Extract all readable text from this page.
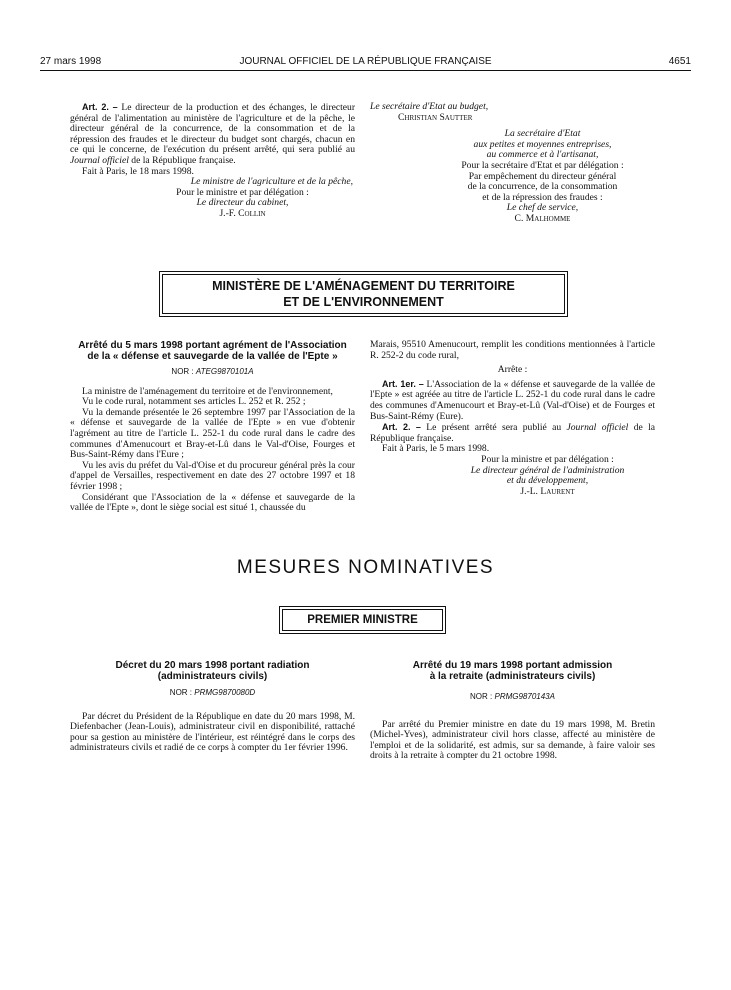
27 mars 1998	JOURNAL OFFICIEL DE LA RÉPUBLIQUE FRANÇAISE	4651

Art. 2. – Le directeur de la production et des échanges, le directeur général de l'alimentation au ministère de l'agriculture et de la pêche, le directeur général de la concurrence, de la consommation et de la répression des fraudes et le directeur du budget sont chargés, chacun en ce qui le concerne, de l'exécution du présent arrêté, qui sera publié au Journal officiel de la République française.

Fait à Paris, le 18 mars 1998.

Le ministre de l'agriculture et de la pêche,

Pour le ministre et par délégation :

Le directeur du cabinet,

J.-F. Collin

Le secrétaire d'Etat au budget,

Christian Sautter

La secrétaire d'Etat

aux petites et moyennes entreprises,

au commerce et à l'artisanat,

Pour la secrétaire d'Etat et par délégation :

Par empêchement du directeur général

de la concurrence, de la consommation

et de la répression des fraudes :

Le chef de service,

C. Malhomme

MINISTÈRE DE L'AMÉNAGEMENT DU TERRITOIRE
ET DE L'ENVIRONNEMENT
Arrêté du 5 mars 1998 portant agrément de l'Association
de la « défense et sauvegarde de la vallée de l'Epte »
NOR : ATEG9870101A

La ministre de l'aménagement du territoire et de l'environnement,

Vu le code rural, notamment ses articles L. 252 et R. 252 ;

Vu la demande présentée le 26 septembre 1997 par l'Association de la « défense et sauvegarde de la vallée de l'Epte » en vue d'obtenir l'agrément au titre de l'article L. 252-1 du code rural dans le cadre des communes d'Amenucourt et Bray-et-Lû dans le Val-d'Oise, Fourges et Bus-Saint-Rémy dans l'Eure ;

Vu les avis du préfet du Val-d'Oise et du procureur général près la cour d'appel de Versailles, respectivement en date des 27 octobre 1997 et 18 février 1998 ;

Considérant que l'Association de la « défense et sauvegarde de la vallée de l'Epte », dont le siège social est situé 1, chaussée du

Marais, 95510 Amenucourt, remplit les conditions mentionnées à l'article R. 252-2 du code rural,

Arrête :

Art. 1er. – L'Association de la « défense et sauvegarde de la vallée de l'Epte » est agréée au titre de l'article L. 252-1 du code rural dans le cadre des communes d'Amenucourt et Bray-et-Lû (Val-d'Oise) et de Fourges et Bus-Saint-Rémy (Eure).

Art. 2. – Le présent arrêté sera publié au Journal officiel de la République française.

Fait à Paris, le 5 mars 1998.

Pour la ministre et par délégation :

Le directeur général de l'administration

et du développement,

J.-L. Laurent

MESURES NOMINATIVES
PREMIER MINISTRE
Décret du 20 mars 1998 portant radiation
(administrateurs civils)
NOR : PRMG9870080D

Par décret du Président de la République en date du 20 mars 1998, M. Diefenbacher (Jean-Louis), administrateur civil en disponibilité, rattaché pour sa gestion au ministère de l'intérieur, est réintégré dans le corps des administrateurs civils et radié de ce corps à compter du 1er février 1996.

Arrêté du 19 mars 1998 portant admission
à la retraite (administrateurs civils)
NOR : PRMG9870143A

Par arrêté du Premier ministre en date du 19 mars 1998, M. Bretin (Michel-Yves), administrateur civil hors classe, affecté au ministère de l'emploi et de la solidarité, est admis, sur sa demande, à faire valoir ses droits à la retraite à compter du 21 octobre 1998.
